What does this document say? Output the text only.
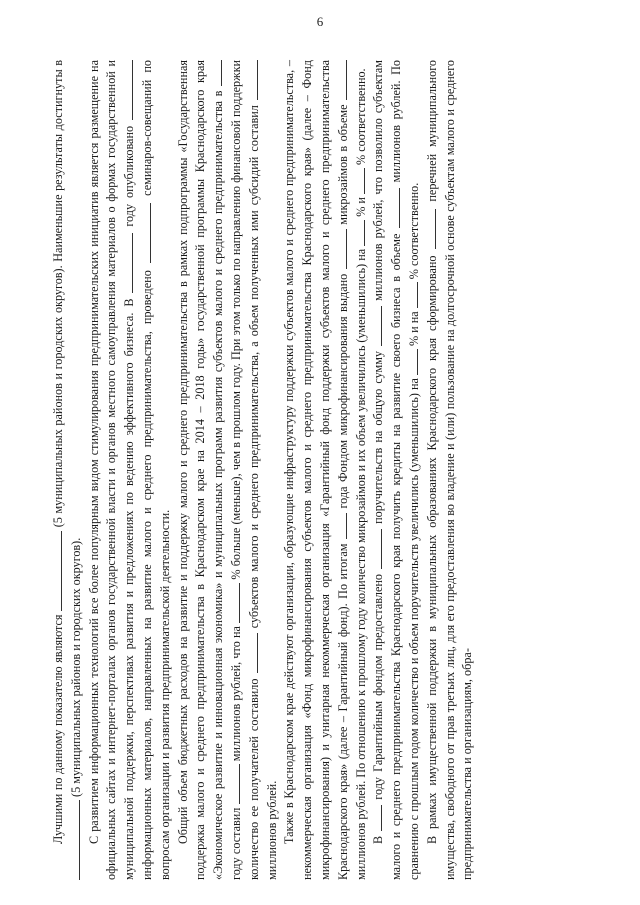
6

Лучшими по данному показателю являются  (5 муниципальных районов и городских округов). Наименьшие результаты достигнуты в  (5 муниципальных районов и городских округов). С развитием информационных технологий все более популярным видом стимулирования предпринимательских инициатив является размещение на официальных сайтах и интернет-порталах органов государственной власти и органов местного самоуправления материалов о формах государственной и муниципальной поддержки, перспективах развития и предложениях по ведению эффективного бизнеса. В  году опубликовано  информационных материалов, направленных на развитие малого и среднего предпринимательства, проведено  семинаров-совещаний по вопросам организации и развития предпринимательской деятельности. Общий объем бюджетных расходов на развитие и поддержку малого и среднего предпринимательства в рамках подпрограммы «Государственная поддержка малого и среднего предпринимательства в Краснодарском крае на 2014 – 2018 годы» государственной программы Краснодарского края «Экономическое развитие и инновационная экономика» и муниципальных программ развития субъектов малого и среднего предпринимательства в году составил  миллионов рублей, что на  % больше (меньше), чем в прошлом году. При этом только по направлению финансовой поддержки количество ее получателей составило  субъектов малого и среднего предпринимательства, а объем полученных ими субсидий составил  миллионов рублей. Также в Краснодарском крае действуют организации, образующие инфраструктуру поддержки субъектов малого и среднего предпринимательства, – некоммерческая организация «Фонд микрофинансирования субъектов малого и среднего предпринимательства Краснодарского края» (далее – Фонд микрофинансирования) и унитарная некоммерческая организация «Гарантийный фонд поддержки субъектов малого и среднего предпринимательства Краснодарского края» (далее – Гарантийный фонд). По итогам  года Фондом микрофинансирования выдано  микрозаймов в объеме  миллионов рублей. По отношению к прошлому году количество микрозаймов и их объем увеличились (уменьшились) на  % и  % соответственно.

В  году Гарантийным фондом предоставлено  поручительств на общую сумму  миллионов рублей, что позволило субъектам малого и среднего предпринимательства Краснодарского края получить кредиты на развитие своего бизнеса в объеме  миллионов рублей. По сравнению с прошлым годом количество и объем поручительств увеличились (уменьшились) на  % и на  % соответственно.

В рамках имущественной поддержки в муниципальных образованиях Краснодарского края сформировано  перечней муниципального имущества, свободного от прав третьих лиц, для его предоставления во владение и (или) пользование на долгосрочной основе субъектам малого и среднего предпринимательства и организациям, обра-
